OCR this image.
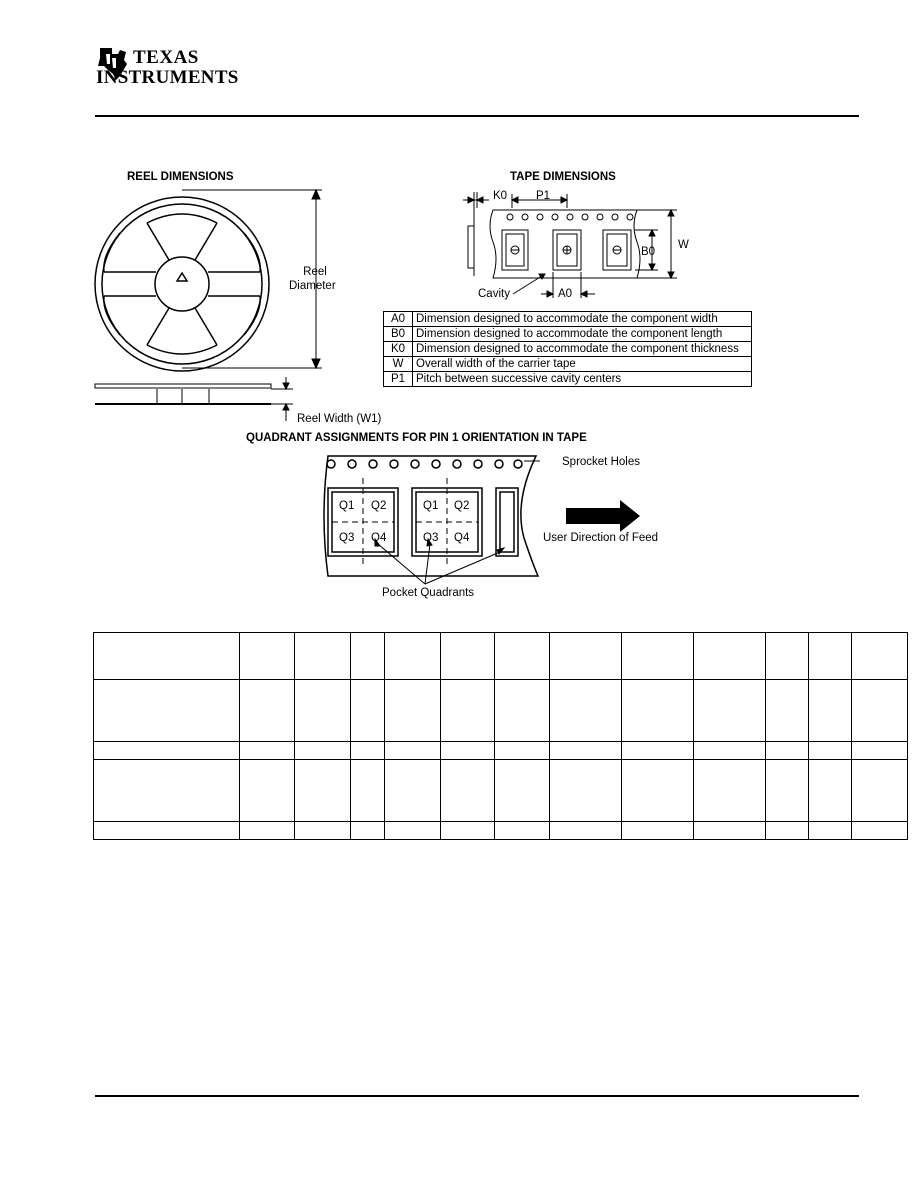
TEXAS
INSTRUMENTS
REEL DIMENSIONS
Reel
Diameter
Reel Width (W1)
TAPE DIMENSIONS
K0	P1
B0
W
A0
Cavity
A0	Dimension designed to accommodate the component width
B0	Dimension designed to accommodate the component length
K0	Dimension designed to accommodate the component thickness
W	Overall width of the carrier tape
P1	Pitch between successive cavity centers
QUADRANT ASSIGNMENTS FOR PIN 1 ORIENTATION IN TAPE
Q1 Q2
Q3 Q4
Q1 Q2
Q3 Q4
Sprocket Holes
User Direction of Feed
Pocket Quadrants
